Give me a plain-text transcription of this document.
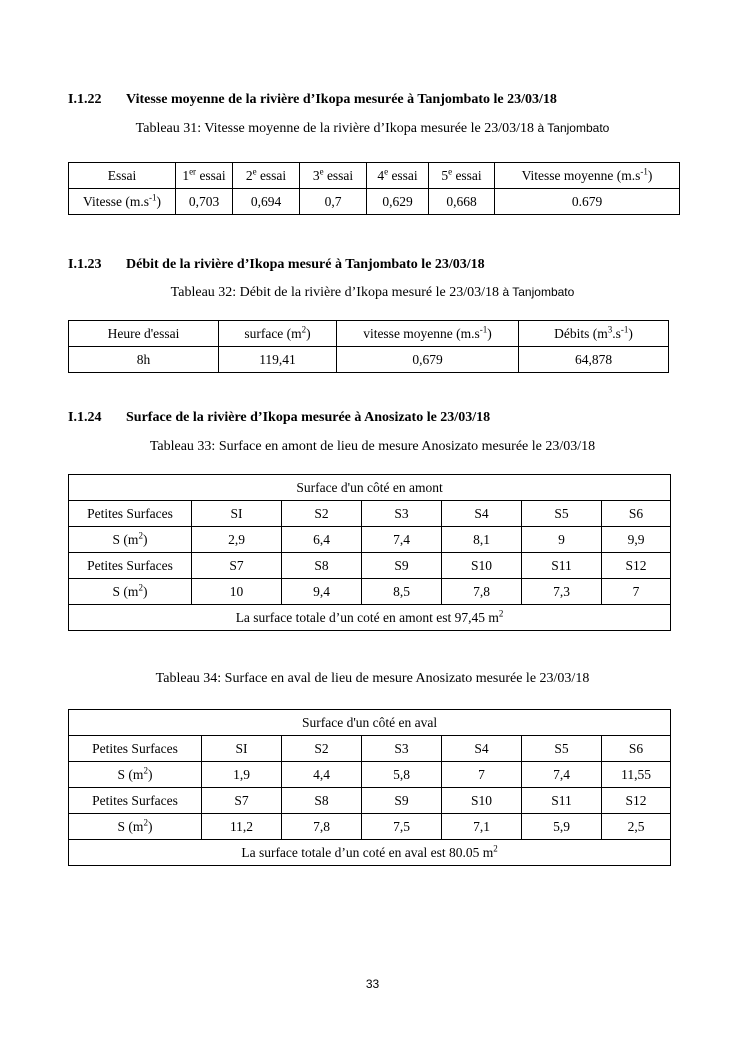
I.1.22 Vitesse moyenne de la rivière d’Ikopa mesurée à Tanjombato le 23/03/18
Tableau 31: Vitesse moyenne de la rivière d’Ikopa mesurée le 23/03/18 à Tanjombato
Essai	1er essai	2e essai	3e essai	4e essai	5e essai	Vitesse moyenne $(m.s^{-1})$
Vitesse $(m.s^{-1})$	0,703	0,694	0,7	0,629	0,668	0.679
I.1.23 Débit de la rivière d’Ikopa mesuré à Tanjombato le 23/03/18
Tableau 32: Débit de la rivière d’Ikopa mesuré le 23/03/18 à Tanjombato
Heure d'essai	surface $(m^2)$	vitesse moyenne $(m.s^{-1})$	Débits $(m^3.s^{-1})$
8h	119,41	0,679	64,878
I.1.24 Surface de la rivière d’Ikopa mesurée à Anosizato le 23/03/18
Tableau 33: Surface en amont de lieu de mesure Anosizato mesurée le 23/03/18
Surface d'un côté en amont						
Petites Surfaces	SI	S2	S3	S4	S5	S6
S $(m^2)$	2,9	6,4	7,4	8,1	9	9,9
Petites Surfaces	S7	S8	S9	S10	S11	S12
S $(m^2)$	10	9,4	8,5	7,8	7,3	7
La surface totale d’un coté en amont est 97,45 $m^2$
Tableau 34: Surface en aval de lieu de mesure Anosizato mesurée le 23/03/18
Surface d'un côté en aval						
Petites Surfaces	SI	S2	S3	S4	S5	S6
S $(m^2)$	1,9	4,4	5,8	7	7,4	11,55
Petites Surfaces	S7	S8	S9	S10	S11	S12
S $(m^2)$	11,2	7,8	7,5	7,1	5,9	2,5
La surface totale d’un coté en aval est 80.05 $m^2$
33
